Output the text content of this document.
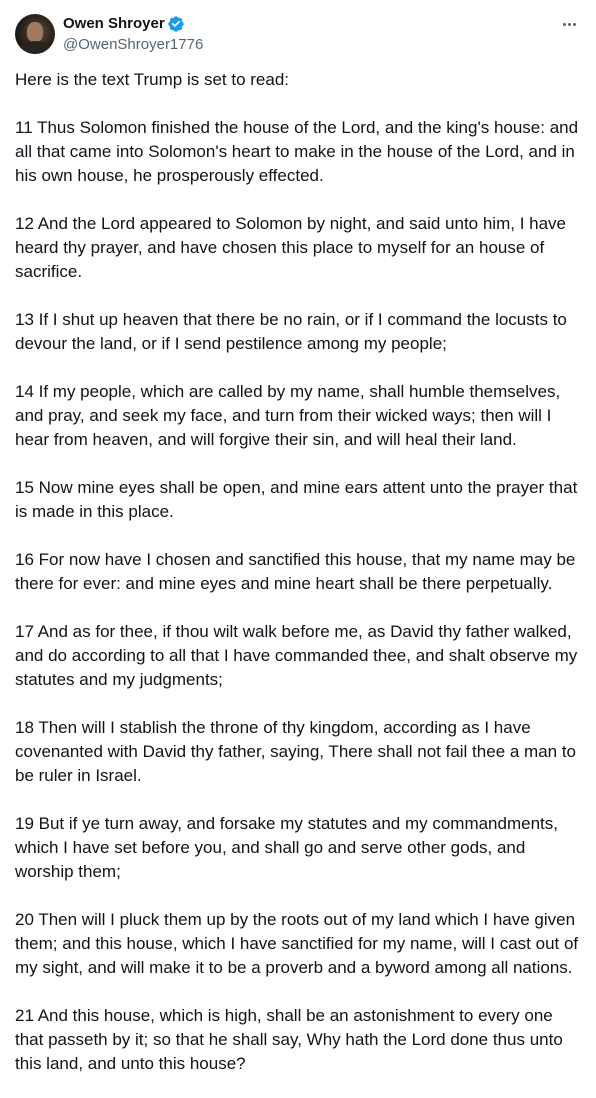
Owen Shroyer
@OwenShroyer1776

Here is the text Trump is set to read:

11 Thus Solomon finished the house of the Lord, and the king's house: and all that came into Solomon's heart to make in the house of the Lord, and in his own house, he prosperously effected.

12 And the Lord appeared to Solomon by night, and said unto him, I have heard thy prayer, and have chosen this place to myself for an house of sacrifice.

13 If I shut up heaven that there be no rain, or if I command the locusts to devour the land, or if I send pestilence among my people;

14 If my people, which are called by my name, shall humble themselves, and pray, and seek my face, and turn from their wicked ways; then will I hear from heaven, and will forgive their sin, and will heal their land.

15 Now mine eyes shall be open, and mine ears attent unto the prayer that is made in this place.

16 For now have I chosen and sanctified this house, that my name may be there for ever: and mine eyes and mine heart shall be there perpetually.

17 And as for thee, if thou wilt walk before me, as David thy father walked, and do according to all that I have commanded thee, and shalt observe my statutes and my judgments;

18 Then will I stablish the throne of thy kingdom, according as I have covenanted with David thy father, saying, There shall not fail thee a man to be ruler in Israel.

19 But if ye turn away, and forsake my statutes and my commandments, which I have set before you, and shall go and serve other gods, and worship them;

20 Then will I pluck them up by the roots out of my land which I have given them; and this house, which I have sanctified for my name, will I cast out of my sight, and will make it to be a proverb and a byword among all nations.

21 And this house, which is high, shall be an astonishment to every one that passeth by it; so that he shall say, Why hath the Lord done thus unto this land, and unto this house?
